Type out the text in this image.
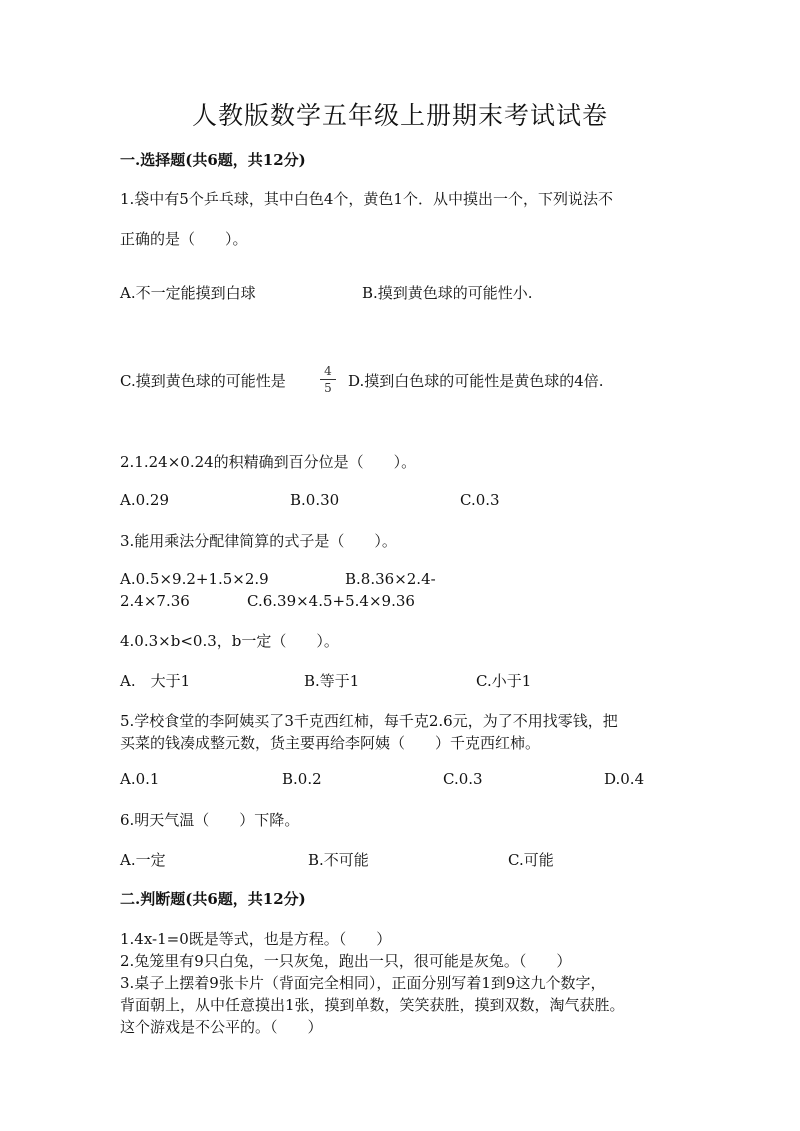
人教版数学五年级上册期末考试试卷
一.选择题(共6题，共12分)
1.袋中有5个乒乓球，其中白色4个，黄色1个．从中摸出一个，下列说法不
正确的是（　　）。
A.不一定能摸到白球	B.摸到黄色球的可能性小.
C.摸到黄色球的可能性是
4
5 D.摸到白色球的可能性是黄色球的4倍.
2.1.24×0.24的积精确到百分位是（　　）。
A.0.29	B.0.30	C.0.3
3.能用乘法分配律简算的式子是（　　）。
A.0.5×9.2+1.5×2.9	B.8.36×2.4-
2.4×7.36	C.6.39×4.5+5.4×9.36
4.0.3×b<0.3，b一定（　　）。
A.　大于1	B.等于1	C.小于1
5.学校食堂的李阿姨买了3千克西红柿，每千克2.6元，为了不用找零钱，把
买菜的钱凑成整元数，货主要再给李阿姨（　　）千克西红柿。
A.0.1	B.0.2	C.0.3	D.0.4
6.明天气温（　　）下降。
A.一定	B.不可能	C.可能
二.判断题(共6题，共12分)
1.4x-1=0既是等式，也是方程。（　　）
2.兔笼里有9只白兔，一只灰兔，跑出一只，很可能是灰兔。（　　）
3.桌子上摆着9张卡片（背面完全相同），正面分别写着1到9这九个数字，
背面朝上，从中任意摸出1张，摸到单数，笑笑获胜，摸到双数，淘气获胜。
这个游戏是不公平的。（　　）
